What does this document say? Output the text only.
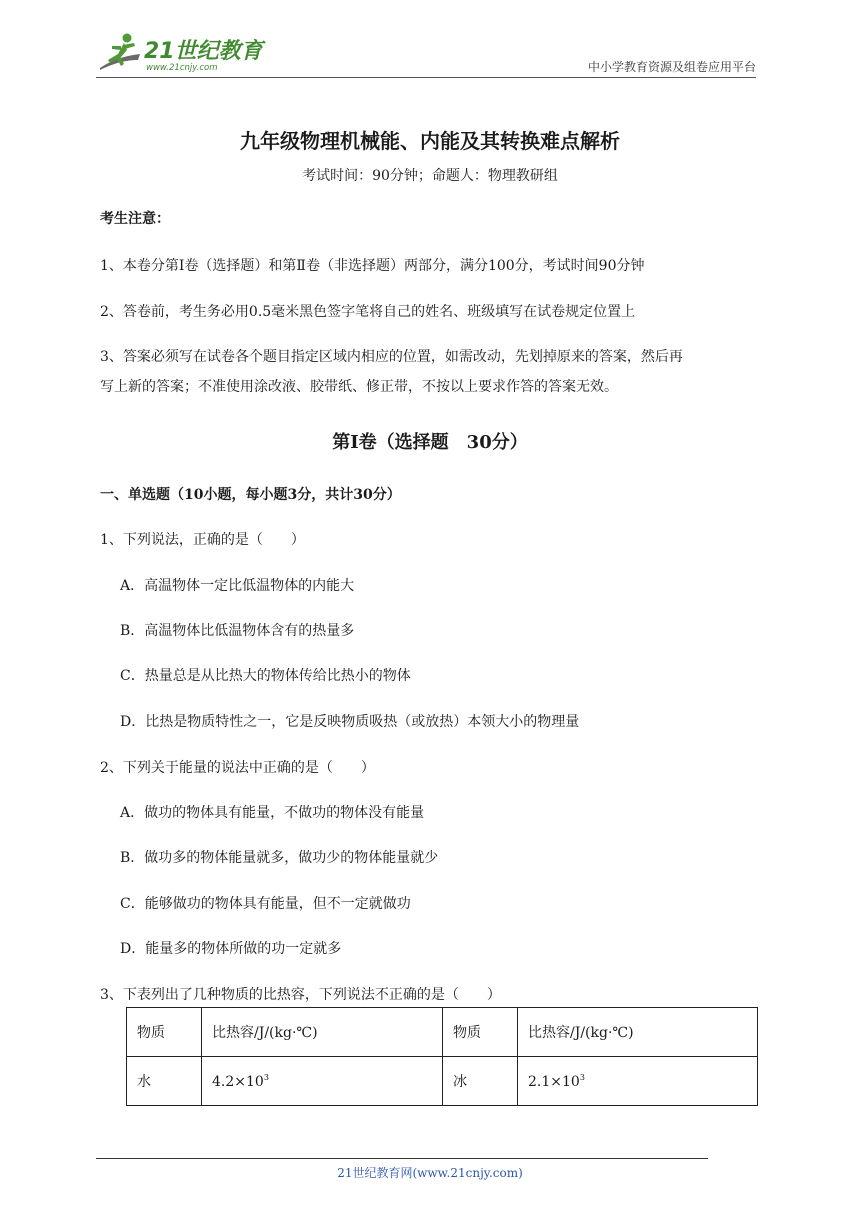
21世纪教育
www.21cnjy.com	中小学教育资源及组卷应用平台
九年级物理机械能、内能及其转换难点解析
考试时间：90分钟；命题人：物理教研组
考生注意：
1、本卷分第I卷（选择题）和第Ⅱ卷（非选择题）两部分，满分100分，考试时间90分钟
2、答卷前，考生务必用0.5毫米黑色签字笔将自己的姓名、班级填写在试卷规定位置上
3、答案必须写在试卷各个题目指定区域内相应的位置，如需改动，先划掉原来的答案，然后再
写上新的答案；不准使用涂改液、胶带纸、修正带，不按以上要求作答的答案无效。
第I卷（选择题　30分）
一、单选题（10小题，每小题3分，共计30分）
1、下列说法，正确的是（　　）
A．高温物体一定比低温物体的内能大
B．高温物体比低温物体含有的热量多
C．热量总是从比热大的物体传给比热小的物体
D．比热是物质特性之一，它是反映物质吸热（或放热）本领大小的物理量
2、下列关于能量的说法中正确的是（　　）
A．做功的物体具有能量，不做功的物体没有能量
B．做功多的物体能量就多，做功少的物体能量就少
C．能够做功的物体具有能量，但不一定就做功
D．能量多的物体所做的功一定就多
3、下表列出了几种物质的比热容，下列说法不正确的是（　　）
物质	比热容/J/(kg·℃)	物质	比热容/J/(kg·℃)
水	$4.2\times 10^3$	冰	$2.1\times 10^3$
21世纪教育网(www.21cnjy.com)
